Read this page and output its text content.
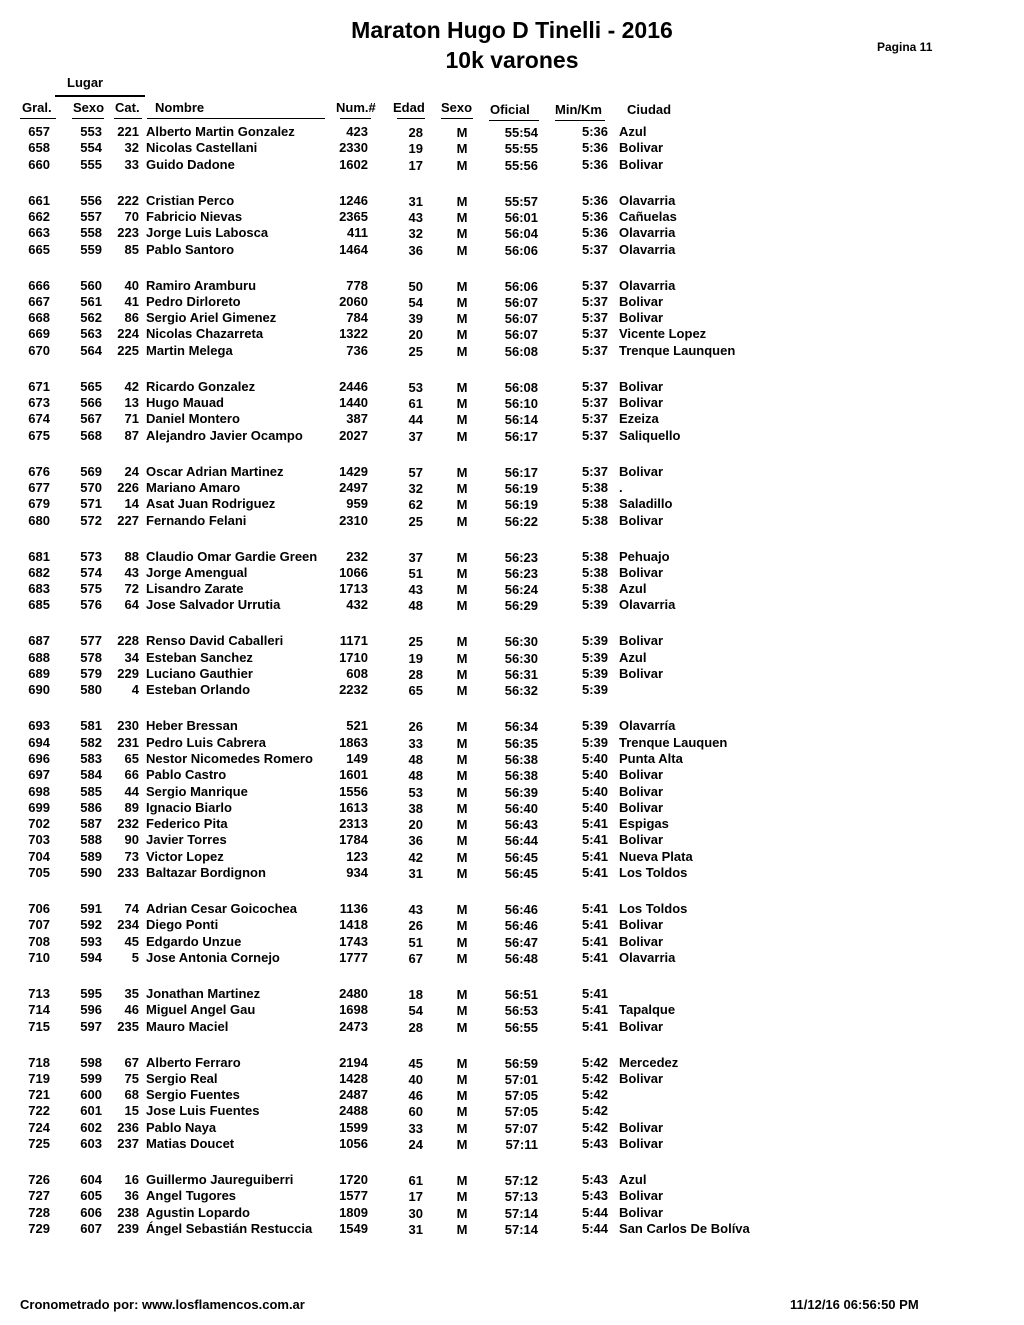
Maraton Hugo D Tinelli - 2016
10k varones	Pagina 11
Lugar
Gral. Sexo Cat. Nombre	Num.# Edad Sexo Oficial Min/Km Ciudad
657	553	221 Alberto Martin Gonzalez	423	28	M	55:54	5:36 Azul
658	554	32 Nicolas Castellani	2330	19	M	55:55	5:36 Bolivar
660	555	33 Guido Dadone	1602	17	M	55:56	5:36 Bolivar
661	556	222 Cristian Perco	1246	31	M	55:57	5:36 Olavarria
662	557	70 Fabricio Nievas	2365	43	M	56:01	5:36 Cañuelas
663	558	223 Jorge Luis Labosca	411	32	M	56:04	5:36 Olavarria
665	559	85 Pablo Santoro	1464	36	M	56:06	5:37 Olavarria
666	560	40 Ramiro Aramburu	778	50	M	56:06	5:37 Olavarria
667	561	41 Pedro Dirloreto	2060	54	M	56:07	5:37 Bolivar
668	562	86 Sergio Ariel Gimenez	784	39	M	56:07	5:37 Bolivar
669	563	224 Nicolas Chazarreta	1322	20	M	56:07	5:37 Vicente Lopez
670	564	225 Martin Melega	736	25	M	56:08	5:37 Trenque Launquen
671	565	42 Ricardo Gonzalez	2446	53	M	56:08	5:37 Bolivar
673	566	13 Hugo Mauad	1440	61	M	56:10	5:37 Bolivar
674	567	71 Daniel Montero	387	44	M	56:14	5:37 Ezeiza
675	568	87 Alejandro Javier Ocampo	2027	37	M	56:17	5:37 Saliquello
676	569	24 Oscar Adrian Martinez	1429	57	M	56:17	5:37 Bolivar
677	570	226 Mariano Amaro	2497	32	M	56:19	5:38 .
679	571	14 Asat Juan Rodriguez	959	62	M	56:19	5:38 Saladillo
680	572	227 Fernando Felani	2310	25	M	56:22	5:38 Bolivar
681	573	88 Claudio Omar Gardie Green	232	37	M	56:23	5:38 Pehuajo
682	574	43 Jorge Amengual	1066	51	M	56:23	5:38 Bolivar
683	575	72 Lisandro Zarate	1713	43	M	56:24	5:38 Azul
685	576	64 Jose Salvador Urrutia	432	48	M	56:29	5:39 Olavarria
687	577	228 Renso David Caballeri	1171	25	M	56:30	5:39 Bolivar
688	578	34 Esteban Sanchez	1710	19	M	56:30	5:39 Azul
689	579	229 Luciano Gauthier	608	28	M	56:31	5:39 Bolivar
690	580	4 Esteban Orlando	2232	65	M	56:32	5:39
693	581	230 Heber Bressan	521	26	M	56:34	5:39 Olavarría
694	582	231 Pedro Luis Cabrera	1863	33	M	56:35	5:39 Trenque Lauquen
696	583	65 Nestor Nicomedes Romero	149	48	M	56:38	5:40 Punta Alta
697	584	66 Pablo Castro	1601	48	M	56:38	5:40 Bolivar
698	585	44 Sergio Manrique	1556	53	M	56:39	5:40 Bolivar
699	586	89 Ignacio Biarlo	1613	38	M	56:40	5:40 Bolivar
702	587	232 Federico Pita	2313	20	M	56:43	5:41 Espigas
703	588	90 Javier Torres	1784	36	M	56:44	5:41 Bolivar
704	589	73 Victor Lopez	123	42	M	56:45	5:41 Nueva Plata
705	590	233 Baltazar Bordignon	934	31	M	56:45	5:41 Los Toldos
706	591	74 Adrian Cesar Goicochea	1136	43	M	56:46	5:41 Los Toldos
707	592	234 Diego Ponti	1418	26	M	56:46	5:41 Bolivar
708	593	45 Edgardo Unzue	1743	51	M	56:47	5:41 Bolivar
710	594	5 Jose Antonia Cornejo	1777	67	M	56:48	5:41 Olavarria
713	595	35 Jonathan Martinez	2480	18	M	56:51	5:41
714	596	46 Miguel Angel Gau	1698	54	M	56:53	5:41 Tapalque
715	597	235 Mauro Maciel	2473	28	M	56:55	5:41 Bolivar
718	598	67 Alberto Ferraro	2194	45	M	56:59	5:42 Mercedez
719	599	75 Sergio Real	1428	40	M	57:01	5:42 Bolivar
721	600	68 Sergio Fuentes	2487	46	M	57:05	5:42
722	601	15 Jose Luis Fuentes	2488	60	M	57:05	5:42
724	602	236 Pablo Naya	1599	33	M	57:07	5:42 Bolivar
725	603	237 Matias Doucet	1056	24	M	57:11	5:43 Bolivar
726	604	16 Guillermo Jaureguiberri	1720	61	M	57:12	5:43 Azul
727	605	36 Angel Tugores	1577	17	M	57:13	5:43 Bolivar
728	606	238 Agustin Lopardo	1809	30	M	57:14	5:44 Bolivar
729	607	239 Ángel Sebastián Restuccia	1549	31	M	57:14	5:44 San Carlos De Bolíva
Cronometrado por: www.losflamencos.com.ar	11/12/16 06:56:50 PM
